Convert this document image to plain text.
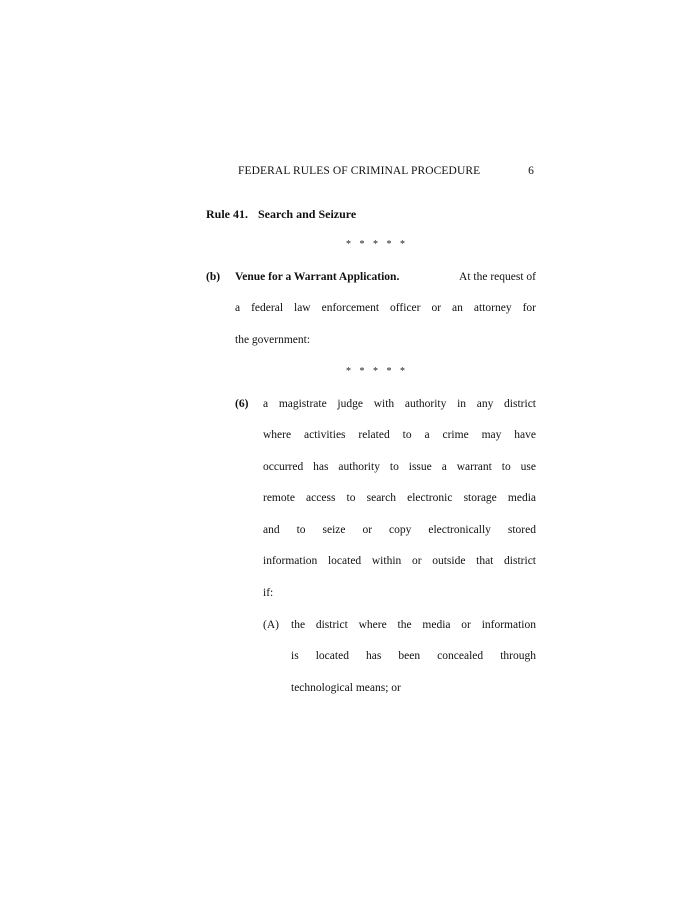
FEDERAL RULES OF CRIMINAL PROCEDURE	6
Rule 41. Search and Seizure
* * * * *
(b) Venue for a Warrant Application.	At the request of
a federal law enforcement officer or an attorney for
the government:
* * * * *
(6) a magistrate judge with authority in any district
where activities related to a crime may have
occurred has authority to issue a warrant to use
remote access to search electronic storage media
and to seize or copy electronically stored
information located within or outside that district
if:
(A) the district where the media or information
is located has been concealed through
technological means; or
